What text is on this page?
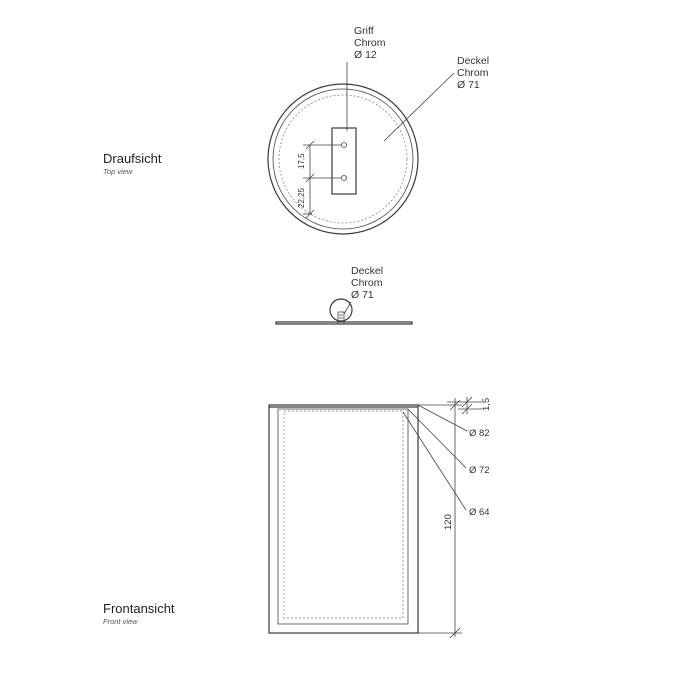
Draufsicht
Top view
17,5
22,25
Griff
Chrom
Ø 12	Deckel
Chrom
Ø 71
Deckel
Chrom
Ø 71
Frontansicht
Front view
Ø 82
Ø 72
Ø 64
120
1,5
